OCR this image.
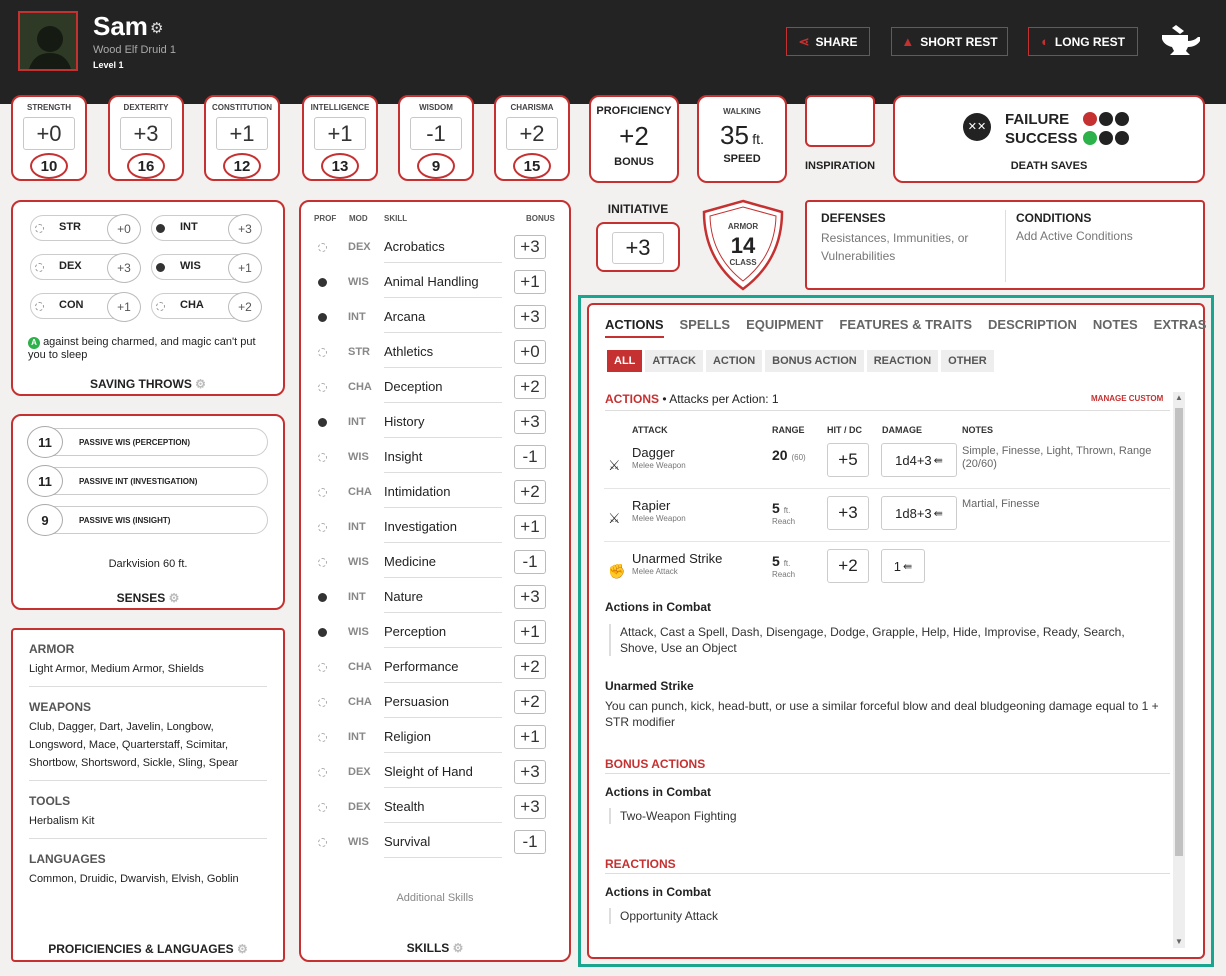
Sam ⚙
Wood Elf Druid 1
Level 1
⋖ SHARE	▲ SHORT REST	◐ LONG REST
STRENGTH
+0
10
DEXTERITY
+3
16
CONSTITUTION
+1
12
INTELLIGENCE
+1
13
WISDOM
-1
9
CHARISMA
+2
15
PROFICIENCY
+2
BONUS
WALKING
35 ft.
SPEED
INSPIRATION
✕✕	FAILURE
SUCCESS
DEATH SAVES
INITIATIVE
+3
ARMOR
14
CLASS
DEFENSES
Resistances, Immunities, or Vulnerabilities
CONDITIONS
Add Active Conditions
STR	+0	INT	+3
DEX	+3	WIS	+1
CON	+1	CHA	+2
A against being charmed, and magic can't put you to sleep
SAVING THROWS ⚙
11	PASSIVE WIS (PERCEPTION)
11	PASSIVE INT (INVESTIGATION)
9	PASSIVE WIS (INSIGHT)
Darkvision 60 ft.
SENSES ⚙
ARMOR
Light Armor, Medium Armor, Shields
WEAPONS
Club, Dagger, Dart, Javelin, Longbow, Longsword, Mace, Quarterstaff, Scimitar, Shortbow, Shortsword, Sickle, Sling, Spear
TOOLS
Herbalism Kit
LANGUAGES
Common, Druidic, Dwarvish, Elvish, Goblin
PROFICIENCIES & LANGUAGES ⚙
PROF MOD SKILL	BONUS
DEX Acrobatics	+3
WIS Animal Handling	+1
INT Arcana	+3
STR Athletics	+0
CHA Deception	+2
INT History	+3
WIS Insight	-1
CHA Intimidation	+2
INT Investigation	+1
WIS Medicine	-1
INT Nature	+3
WIS Perception	+1
CHA Performance	+2
CHA Persuasion	+2
INT Religion	+1
DEX Sleight of Hand	+3
DEX Stealth	+3
WIS Survival	-1
Additional Skills
SKILLS ⚙
ACTIONS SPELLS EQUIPMENT FEATURES & TRAITS DESCRIPTION NOTES EXTRAS
ALL ATTACK ACTION BONUS ACTION REACTION OTHER
ACTIONS • Attacks per Action: 1	MANAGE CUSTOM
ATTACK	RANGE HIT / DC DAMAGE	NOTES
⚔
Dagger
Melee Weapon
20 (60)	+5	1d4+3 ⇚
Simple, Finesse, Light, Thrown, Range (20/60)
⚔
Rapier
Melee Weapon
5 ft.
Reach	+3	1d8+3 ⇚
Martial, Finesse
✊
Unarmed Strike
Melee Attack
5 ft.
Reach	+2	1 ⇚
Actions in Combat
Attack, Cast a Spell, Dash, Disengage, Dodge, Grapple, Help, Hide, Improvise, Ready, Search, Shove, Use an Object
Unarmed Strike
You can punch, kick, head-butt, or use a similar forceful blow and deal bludgeoning damage equal to 1 + STR modifier
BONUS ACTIONS
Actions in Combat
Two-Weapon Fighting
REACTIONS
Actions in Combat
Opportunity Attack
▲
▼
